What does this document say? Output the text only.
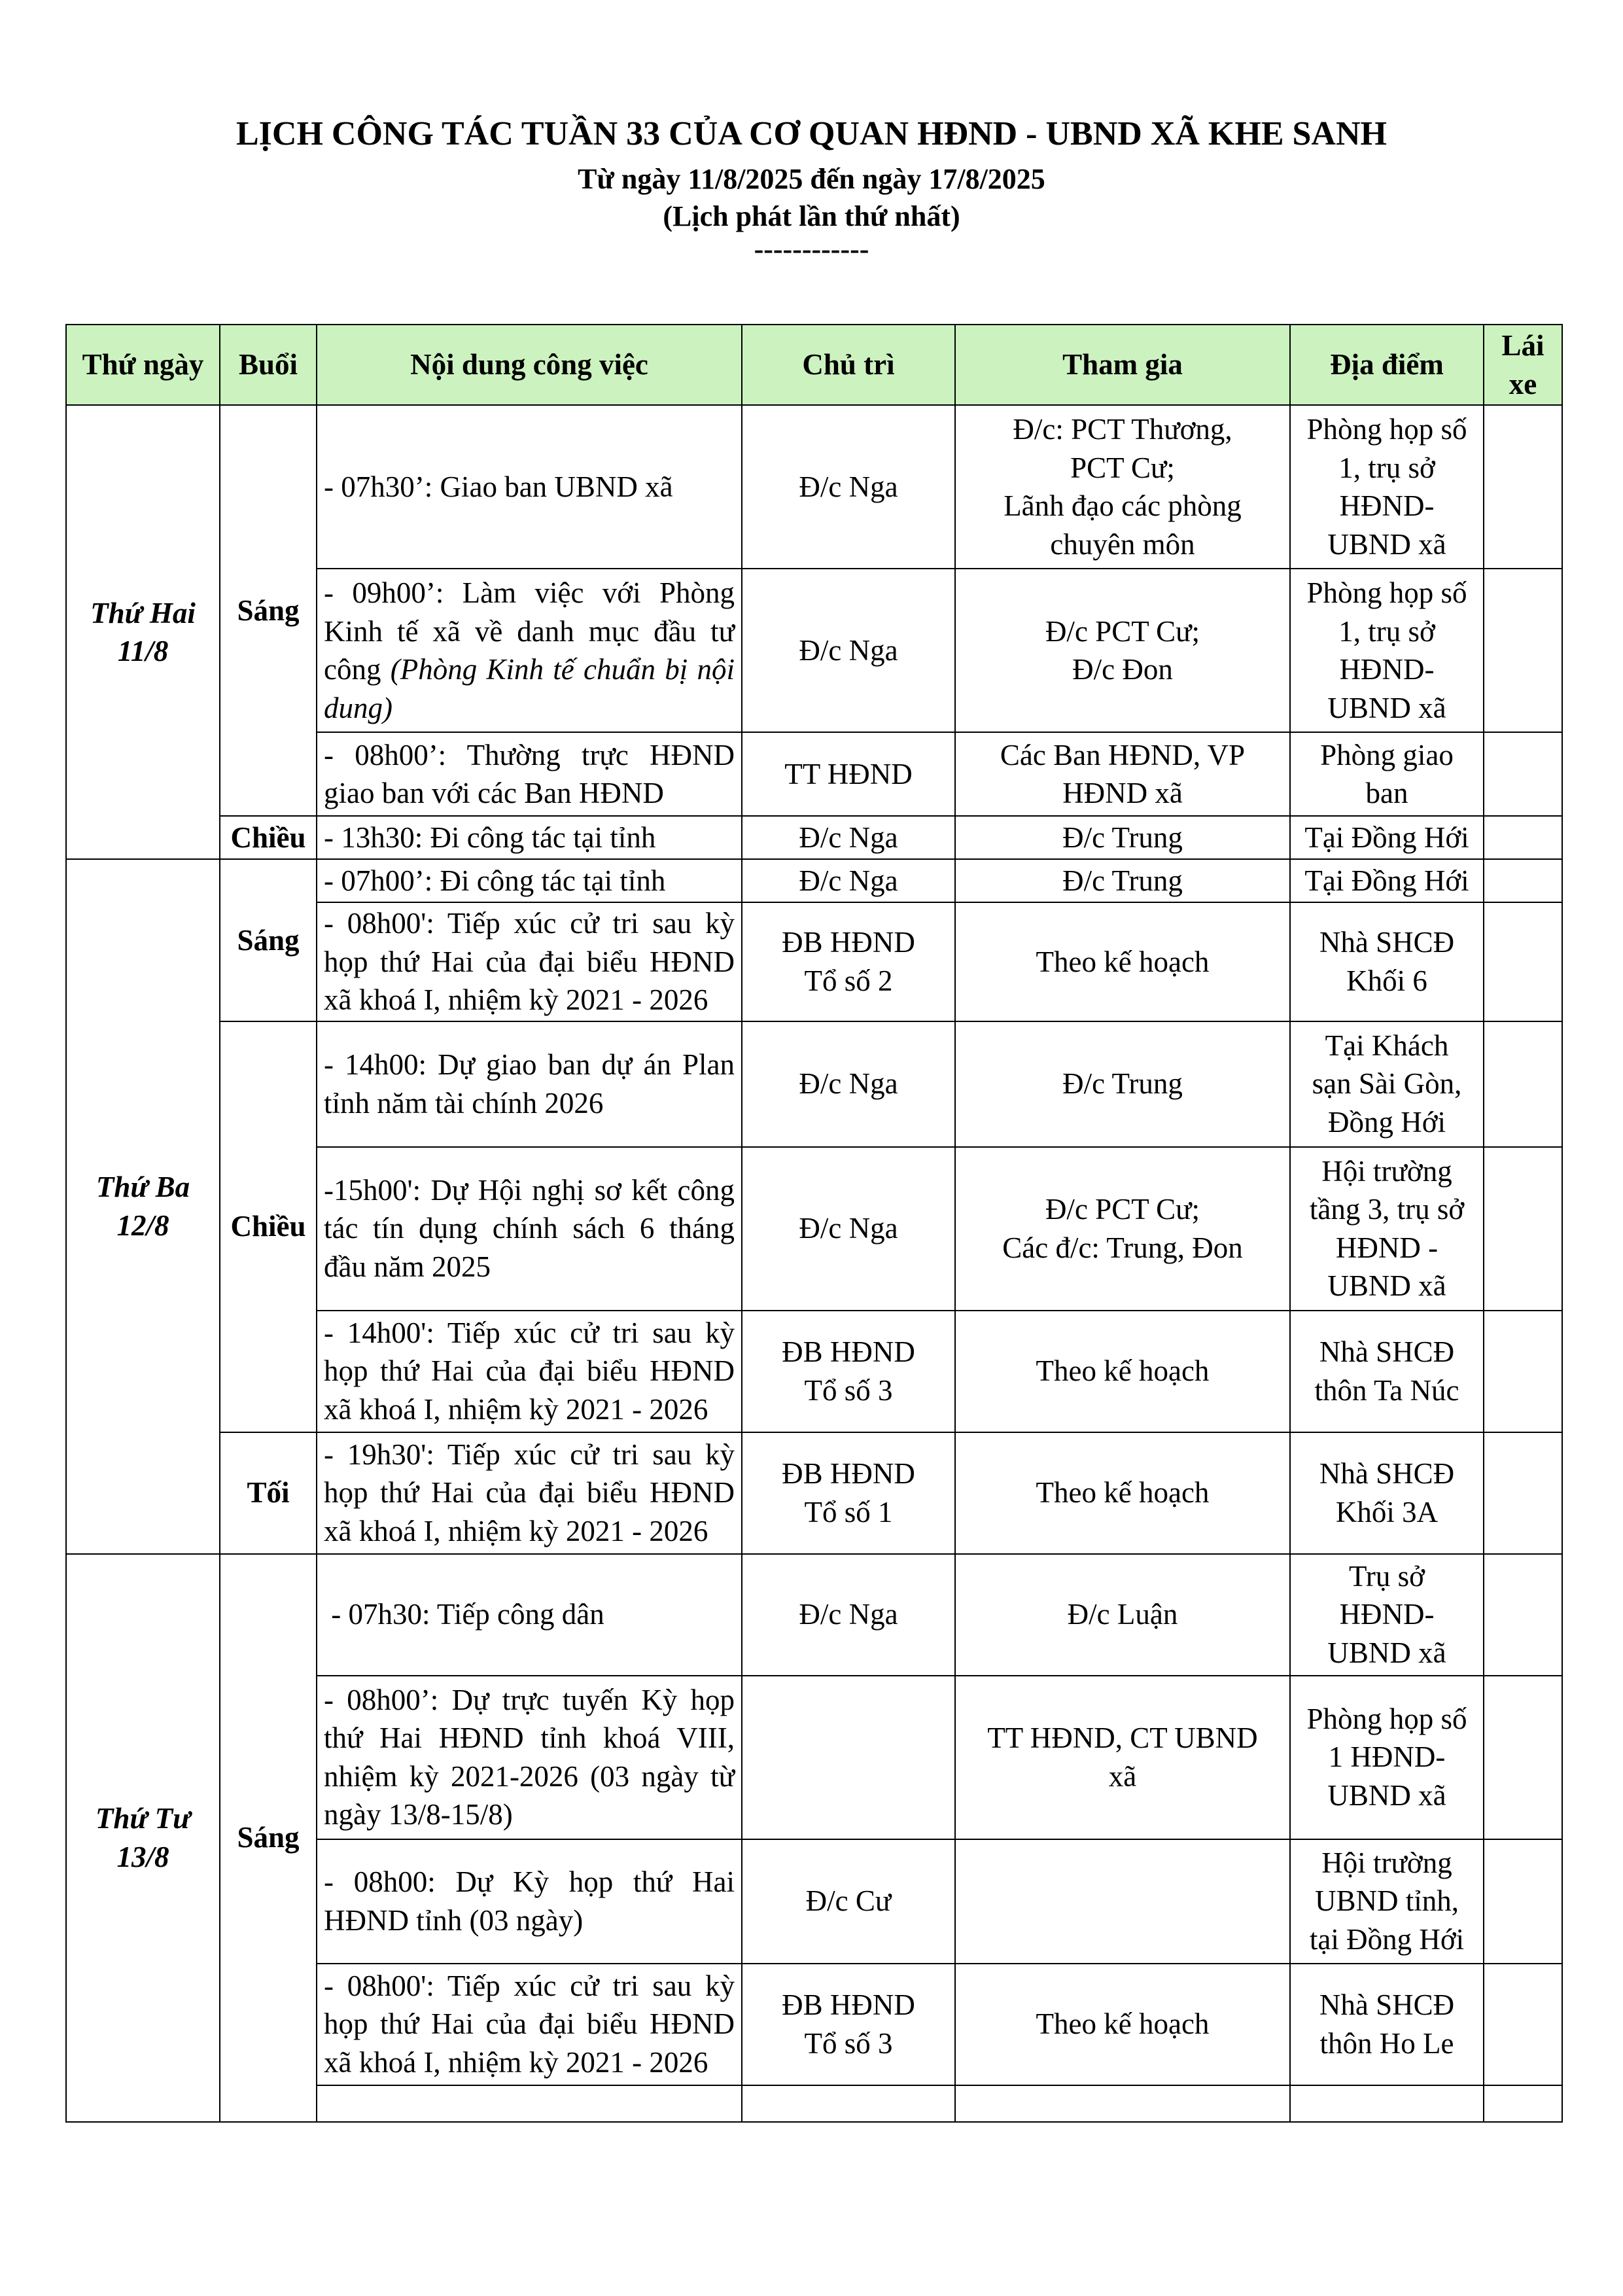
LỊCH CÔNG TÁC TUẦN 33 CỦA CƠ QUAN HĐND - UBND XÃ KHE SANH
Từ ngày 11/8/2025 đến ngày 17/8/2025
(Lịch phát lần thứ nhất)
------------
Thứ ngày	Buổi	Nội dung công việc	Chủ trì	Tham gia	Địa điểm	Lái xe
Thứ Hai
11/8	Sáng	- 07h30’: Giao ban UBND xã	Đ/c Nga	Đ/c: PCT Thương,
PCT Cư;
Lãnh đạo các phòng
chuyên môn	Phòng họp số
1, trụ sở
HĐND-
UBND xã	
		- 09h00’: Làm việc với Phòng Kinh tế xã về danh mục đầu tư công (Phòng Kinh tế chuẩn bị nội dung)	Đ/c Nga	Đ/c PCT Cư;
Đ/c Đon	Phòng họp số
1, trụ sở
HĐND-
UBND xã	
		- 08h00’: Thường trực HĐND giao ban với các Ban HĐND	TT HĐND	Các Ban HĐND, VP
HĐND xã	Phòng giao
ban	
	Chiều	- 13h30: Đi công tác tại tỉnh	Đ/c Nga	Đ/c Trung	Tại Đồng Hới	
Thứ Ba
12/8	Sáng	- 07h00’: Đi công tác tại tỉnh	Đ/c Nga	Đ/c Trung	Tại Đồng Hới	
		- 08h00': Tiếp xúc cử tri sau kỳ họp thứ Hai của đại biểu HĐND xã khoá I, nhiệm kỳ 2021 - 2026	ĐB HĐND
Tổ số 2	Theo kế hoạch	Nhà SHCĐ
Khối 6	
	Chiều	- 14h00: Dự giao ban dự án Plan tỉnh năm tài chính 2026	Đ/c Nga	Đ/c Trung	Tại Khách
sạn Sài Gòn,
Đồng Hới	
		-15h00': Dự Hội nghị sơ kết công tác tín dụng chính sách 6 tháng đầu năm 2025	Đ/c Nga	Đ/c PCT Cư;
Các đ/c: Trung, Đon	Hội trường
tầng 3, trụ sở
HĐND -
UBND xã	
		- 14h00': Tiếp xúc cử tri sau kỳ họp thứ Hai của đại biểu HĐND xã khoá I, nhiệm kỳ 2021 - 2026	ĐB HĐND
Tổ số 3	Theo kế hoạch	Nhà SHCĐ
thôn Ta Núc	
	Tối	- 19h30': Tiếp xúc cử tri sau kỳ họp thứ Hai của đại biểu HĐND xã khoá I, nhiệm kỳ 2021 - 2026	ĐB HĐND
Tổ số 1	Theo kế hoạch	Nhà SHCĐ
Khối 3A	
Thứ Tư
13/8	Sáng	- 07h30: Tiếp công dân	Đ/c Nga	Đ/c Luận	Trụ sở
HĐND-
UBND xã	
		- 08h00’: Dự trực tuyến Kỳ họp thứ Hai HĐND tỉnh khoá VIII, nhiệm kỳ 2021-2026 (03 ngày từ ngày 13/8-15/8)		TT HĐND, CT UBND
xã	Phòng họp số
1 HĐND-
UBND xã	
		- 08h00: Dự Kỳ họp thứ Hai HĐND tỉnh (03 ngày)	Đ/c Cư		Hội trường
UBND tỉnh,
tại Đồng Hới	
		- 08h00': Tiếp xúc cử tri sau kỳ họp thứ Hai của đại biểu HĐND xã khoá I, nhiệm kỳ 2021 - 2026	ĐB HĐND
Tổ số 3	Theo kế hoạch	Nhà SHCĐ
thôn Ho Le	
